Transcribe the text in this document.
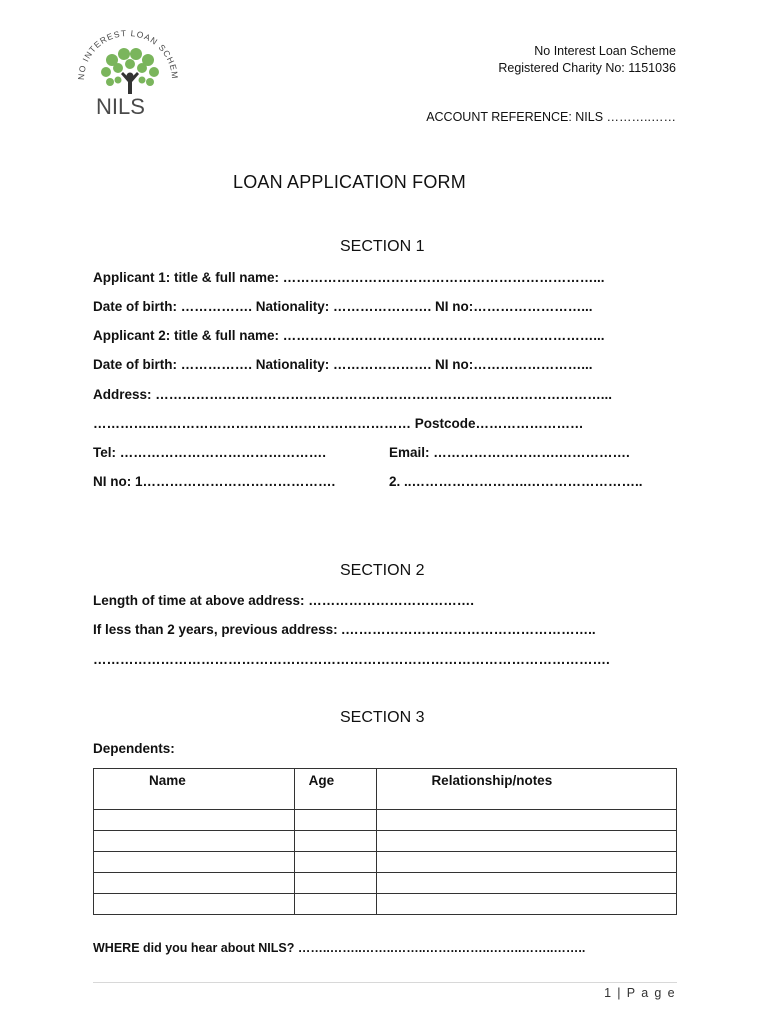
NO INTEREST LOAN SCHEM
NILS
No Interest Loan Scheme
Registered Charity No: 1151036
ACCOUNT REFERENCE: NILS ………..……
LOAN APPLICATION FORM
SECTION 1
Applicant 1: title & full name: ……………………………………………………………...
Date of birth: ……………. Nationality: …………………. NI no:……………………...
Applicant 2: title & full name: ……………………………………………………………...
Date of birth: ……………. Nationality: …………………. NI no:……………………...
Address: ………………………………………………………………………………………...
…………..………………………………………………… Postcode……………………
Tel: ……………………………………….	Email: ……………………….…………….
NI no: 1…………………………………….	2. ..……………………..……………………..
SECTION 2
Length of time at above address: ……………………………….
If less than 2 years, previous address: .………………………………………………..
…………………………………………………………………………………………………….
SECTION 3
Dependents:
Name	Age	Relationship/notes

WHERE did you hear about NILS? ……..……..……..……..……..……..……..……..……..
1 | P a g e
